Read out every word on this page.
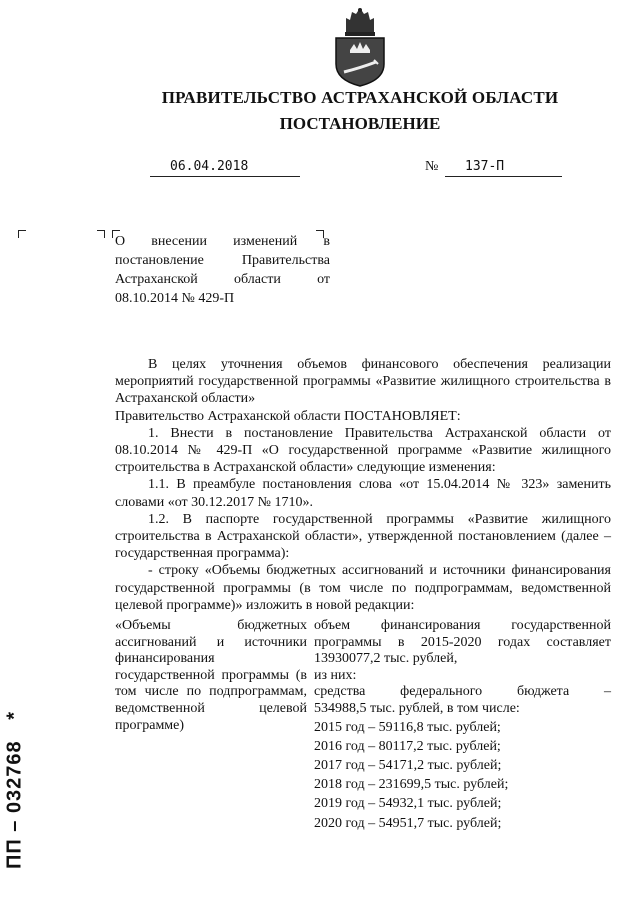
ПРАВИТЕЛЬСТВО АСТРАХАНСКОЙ ОБЛАСТИ
ПОСТАНОВЛЕНИЕ
06.04.2018	№	137-П
О внесении изменений в постановление Правительства Астраханской области от 08.10.2014 № 429-П

В целях уточнения объемов финансового обеспечения реализации мероприятий государственной программы «Развитие жилищного строительства в Астраханской области»

Правительство Астраханской области ПОСТАНОВЛЯЕТ:

1. Внести в постановление Правительства Астраханской области от 08.10.2014 № 429-П «О государственной программе «Развитие жилищного строительства в Астраханской области» следующие изменения:

1.1. В преамбуле постановления слова «от 15.04.2014 № 323» заменить словами «от 30.12.2017 № 1710».

1.2. В паспорте государственной программы «Развитие жилищного строительства в Астраханской области», утвержденной постановлением (далее – государственная программа):

- строку «Объемы бюджетных ассигнований и источники финансирования государственной программы (в том числе по подпрограммам, ведомственной целевой программе)» изложить в новой редакции:

«Объемы бюджетных ассигнований и источники финансирования государственной программы (в том числе по подпрограммам, ведомственной целевой программе)
объем финансирования государственной программы в 2015-2020 годах составляет 13930077,2 тыс. рублей,
из них:
средства федерального бюджета –
534988,5 тыс. рублей, в том числе:
2015 год – 59116,8 тыс. рублей;
2016 год – 80117,2 тыс. рублей;
2017 год – 54171,2 тыс. рублей;
2018 год – 231699,5 тыс. рублей;
2019 год – 54932,1 тыс. рублей;
2020 год – 54951,7 тыс. рублей;
ПП – 032768 *
